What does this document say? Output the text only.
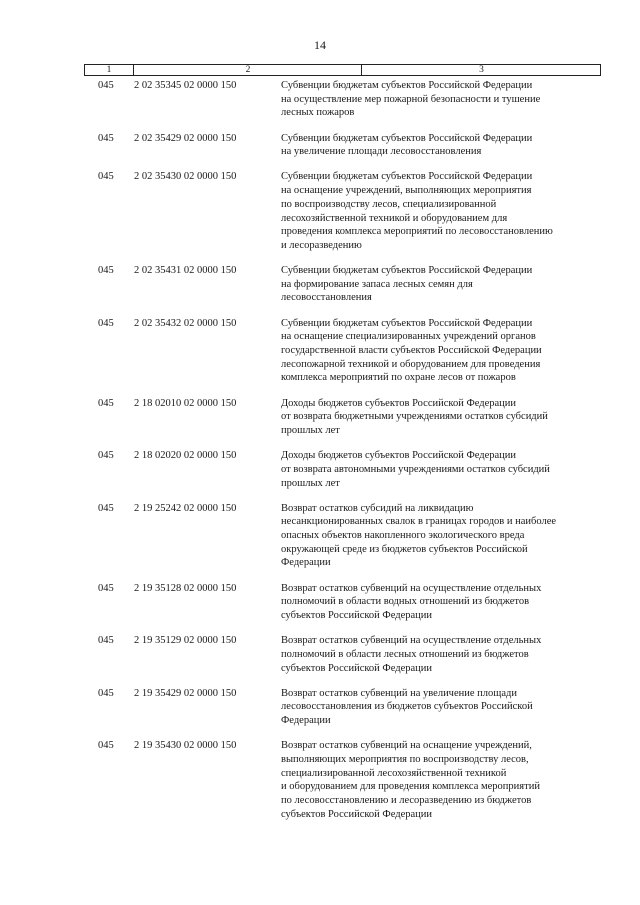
14
1	2	3
045 2 02 35345 02 0000 150	Субвенции бюджетам субъектов Российской Федерации
на осуществление мер пожарной безопасности и тушение
лесных пожаров
045 2 02 35429 02 0000 150	Субвенции бюджетам субъектов Российской Федерации
на увеличение площади лесовосстановления
045 2 02 35430 02 0000 150	Субвенции бюджетам субъектов Российской Федерации
на оснащение учреждений, выполняющих мероприятия
по воспроизводству лесов, специализированной
лесохозяйственной техникой и оборудованием для
проведения комплекса мероприятий по лесовосстановлению
и лесоразведению
045 2 02 35431 02 0000 150	Субвенции бюджетам субъектов Российской Федерации
на формирование запаса лесных семян для
лесовосстановления
045 2 02 35432 02 0000 150	Субвенции бюджетам субъектов Российской Федерации
на оснащение специализированных учреждений органов
государственной власти субъектов Российской Федерации
лесопожарной техникой и оборудованием для проведения
комплекса мероприятий по охране лесов от пожаров
045 2 18 02010 02 0000 150	Доходы бюджетов субъектов Российской Федерации
от возврата бюджетными учреждениями остатков субсидий
прошлых лет
045 2 18 02020 02 0000 150	Доходы бюджетов субъектов Российской Федерации
от возврата автономными учреждениями остатков субсидий
прошлых лет
045 2 19 25242 02 0000 150	Возврат остатков субсидий на ликвидацию
несанкционированных свалок в границах городов и наиболее
опасных объектов накопленного экологического вреда
окружающей среде из бюджетов субъектов Российской
Федерации
045 2 19 35128 02 0000 150	Возврат остатков субвенций на осуществление отдельных
полномочий в области водных отношений из бюджетов
субъектов Российской Федерации
045 2 19 35129 02 0000 150	Возврат остатков субвенций на осуществление отдельных
полномочий в области лесных отношений из бюджетов
субъектов Российской Федерации
045 2 19 35429 02 0000 150	Возврат остатков субвенций на увеличение площади
лесовосстановления из бюджетов субъектов Российской
Федерации
045 2 19 35430 02 0000 150	Возврат остатков субвенций на оснащение учреждений,
выполняющих мероприятия по воспроизводству лесов,
специализированной лесохозяйственной техникой
и оборудованием для проведения комплекса мероприятий
по лесовосстановлению и лесоразведению из бюджетов
субъектов Российской Федерации
